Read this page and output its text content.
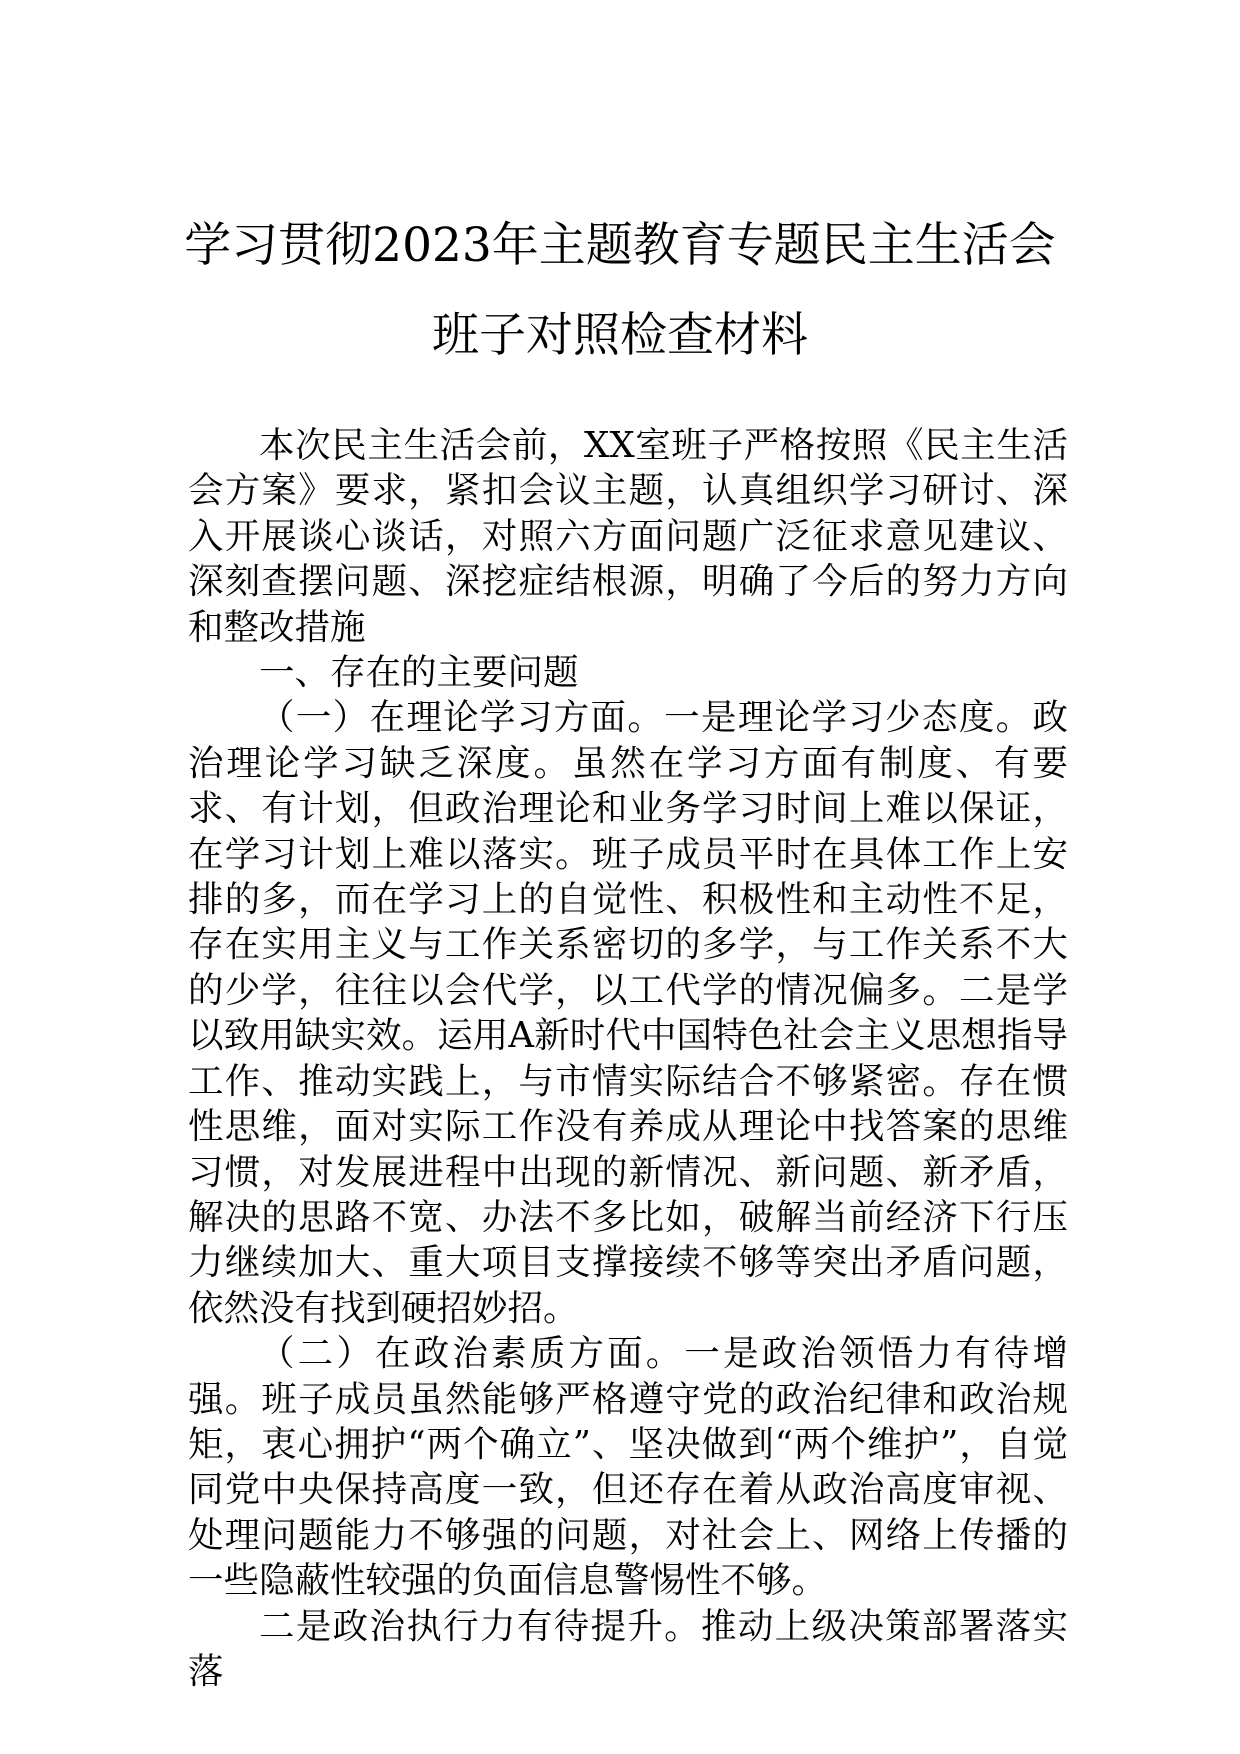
学习贯彻2023年主题教育专题民主生活会
班子对照检查材料

本次民主生活会前，XX室班子严格按照《民主生活会方案》要求，紧扣会议主题，认真组织学习研讨、深入开展谈心谈话，对照六方面问题广泛征求意见建议、深刻查摆问题、深挖症结根源，明确了今后的努力方向和整改措施

一、存在的主要问题

（一）在理论学习方面。一是理论学习少态度。政治理论学习缺乏深度。虽然在学习方面有制度、有要求、有计划，但政治理论和业务学习时间上难以保证，在学习计划上难以落实。班子成员平时在具体工作上安排的多，而在学习上的自觉性、积极性和主动性不足，存在实用主义与工作关系密切的多学，与工作关系不大的少学，往往以会代学，以工代学的情况偏多。二是学以致用缺实效。运用A新时代中国特色社会主义思想指导工作、推动实践上，与市情实际结合不够紧密。存在惯性思维，面对实际工作没有养成从理论中找答案的思维习惯，对发展进程中出现的新情况、新问题、新矛盾，解决的思路不宽、办法不多比如，破解当前经济下行压力继续加大、重大项目支撑接续不够等突出矛盾问题，依然没有找到硬招妙招。

（二）在政治素质方面。一是政治领悟力有待增强。班子成员虽然能够严格遵守党的政治纪律和政治规矩，衷心拥护“两个确立”、坚决做到“两个维护”，自觉同党中央保持高度一致，但还存在着从政治高度审视、处理问题能力不够强的问题，对社会上、网络上传播的一些隐蔽性较强的负面信息警惕性不够。

二是政治执行力有待提升。推动上级决策部署落实落
